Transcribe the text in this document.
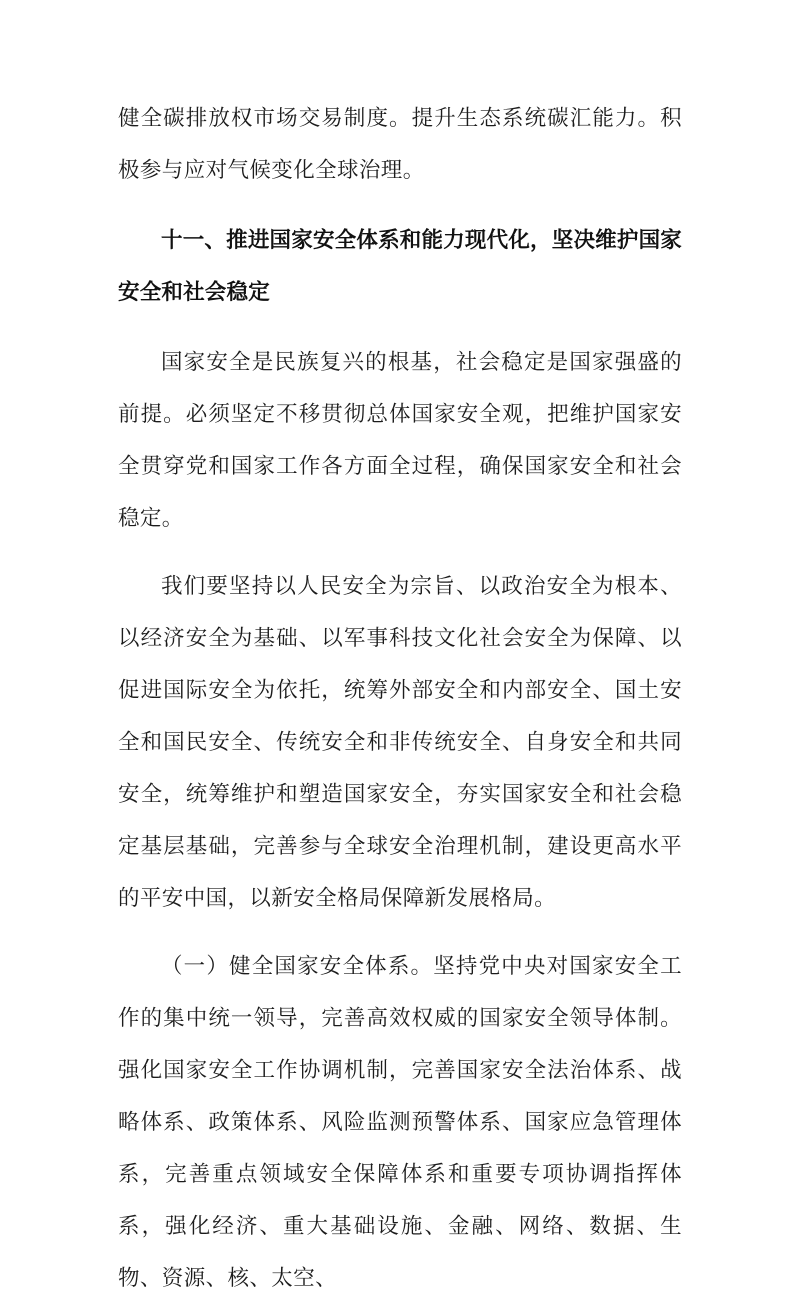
健全碳排放权市场交易制度。提升生态系统碳汇能力。积极参与应对气候变化全球治理。

十一、推进国家安全体系和能力现代化，坚决维护国家安全和社会稳定

国家安全是民族复兴的根基，社会稳定是国家强盛的前提。必须坚定不移贯彻总体国家安全观，把维护国家安全贯穿党和国家工作各方面全过程，确保国家安全和社会稳定。

我们要坚持以人民安全为宗旨、以政治安全为根本、以经济安全为基础、以军事科技文化社会安全为保障、以促进国际安全为依托，统筹外部安全和内部安全、国土安全和国民安全、传统安全和非传统安全、自身安全和共同安全，统筹维护和塑造国家安全，夯实国家安全和社会稳定基层基础，完善参与全球安全治理机制，建设更高水平的平安中国，以新安全格局保障新发展格局。

（一）健全国家安全体系。坚持党中央对国家安全工作的集中统一领导，完善高效权威的国家安全领导体制。强化国家安全工作协调机制，完善国家安全法治体系、战略体系、政策体系、风险监测预警体系、国家应急管理体系，完善重点领域安全保障体系和重要专项协调指挥体系，强化经济、重大基础设施、金融、网络、数据、生物、资源、核、太空、
